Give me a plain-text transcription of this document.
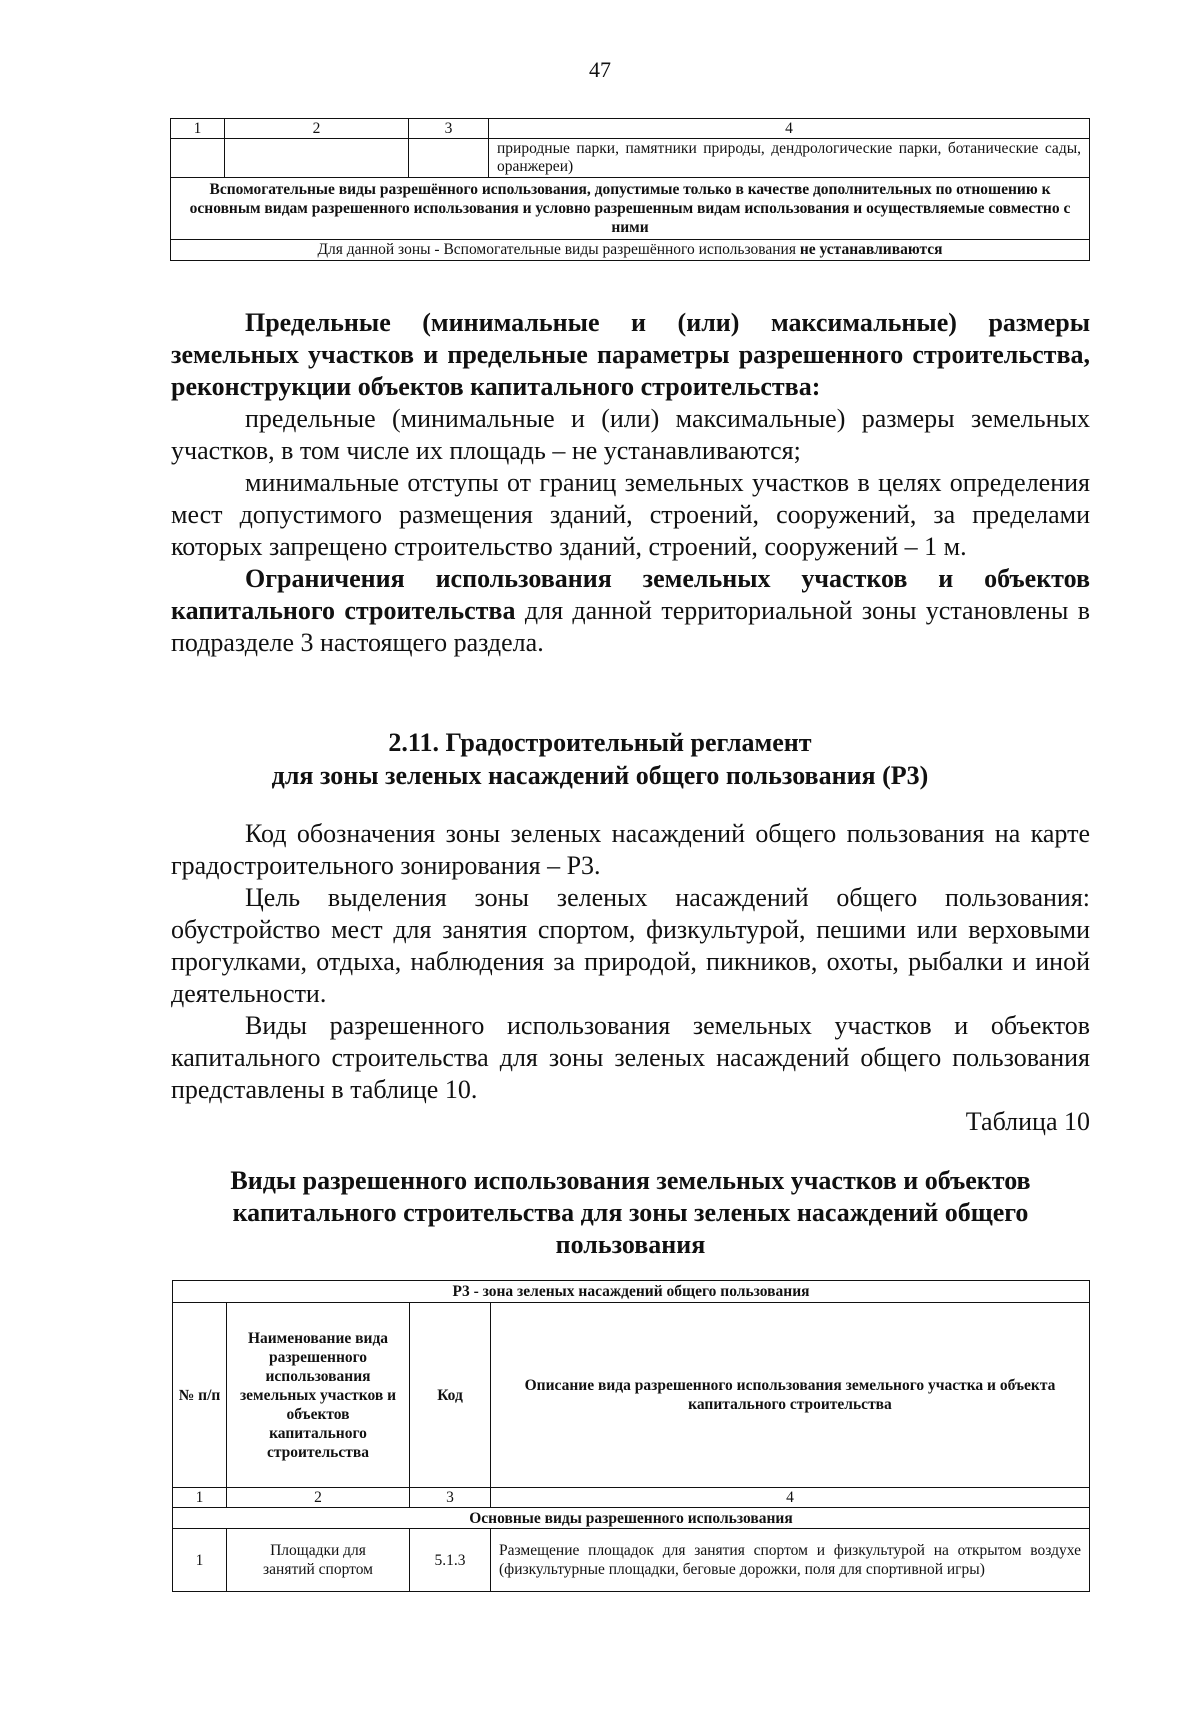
47
1	2	3	4
			природные парки, памятники природы, дендрологические парки, ботанические сады, оранжереи)
Вспомогательные виды разрешённого использования, допустимые только в качестве дополнительных по отношению к основным видам разрешенного использования и условно разрешенным видам использования и осуществляемые совместно с ними			
Для данной зоны - Вспомогательные виды разрешённого использования не устанавливаются			

Предельные (минимальные и (или) максимальные) размеры земельных участков и предельные параметры разрешенного строительства, реконструкции объектов капитального строительства:

предельные (минимальные и (или) максимальные) размеры земельных участков, в том числе их площадь – не устанавливаются;

минимальные отступы от границ земельных участков в целях определения мест допустимого размещения зданий, строений, сооружений, за пределами которых запрещено строительство зданий, строений, сооружений – 1 м.

Ограничения использования земельных участков и объектов капитального строительства для данной территориальной зоны установлены в подразделе 3 настоящего раздела.

2.11. Градостроительный регламент
для зоны зеленых насаждений общего пользования (Р3)

Код обозначения зоны зеленых насаждений общего пользования на карте градостроительного зонирования – Р3.

Цель выделения зоны зеленых насаждений общего пользования: обустройство мест для занятия спортом, физкультурой, пешими или верховыми прогулками, отдыха, наблюдения за природой, пикников, охоты, рыбалки и иной деятельности.

Виды разрешенного использования земельных участков и объектов капитального строительства для зоны зеленых насаждений общего пользования представлены в таблице 10.

Таблица 10
Виды разрешенного использования земельных участков и объектов капитального строительства для зоны зеленых насаждений общего пользования
Р3 - зона зеленых насаждений общего пользования			
№ п/п	Наименование вида разрешенного использования земельных участков и объектов капитального строительства	Код	Описание вида разрешенного использования земельного участка и объекта капитального строительства
1	2	3	4
Основные виды разрешенного использования			
1	Площадки для занятий спортом	5.1.3	Размещение площадок для занятия спортом и физкультурой на открытом воздухе (физкультурные площадки, беговые дорожки, поля для спортивной игры)
